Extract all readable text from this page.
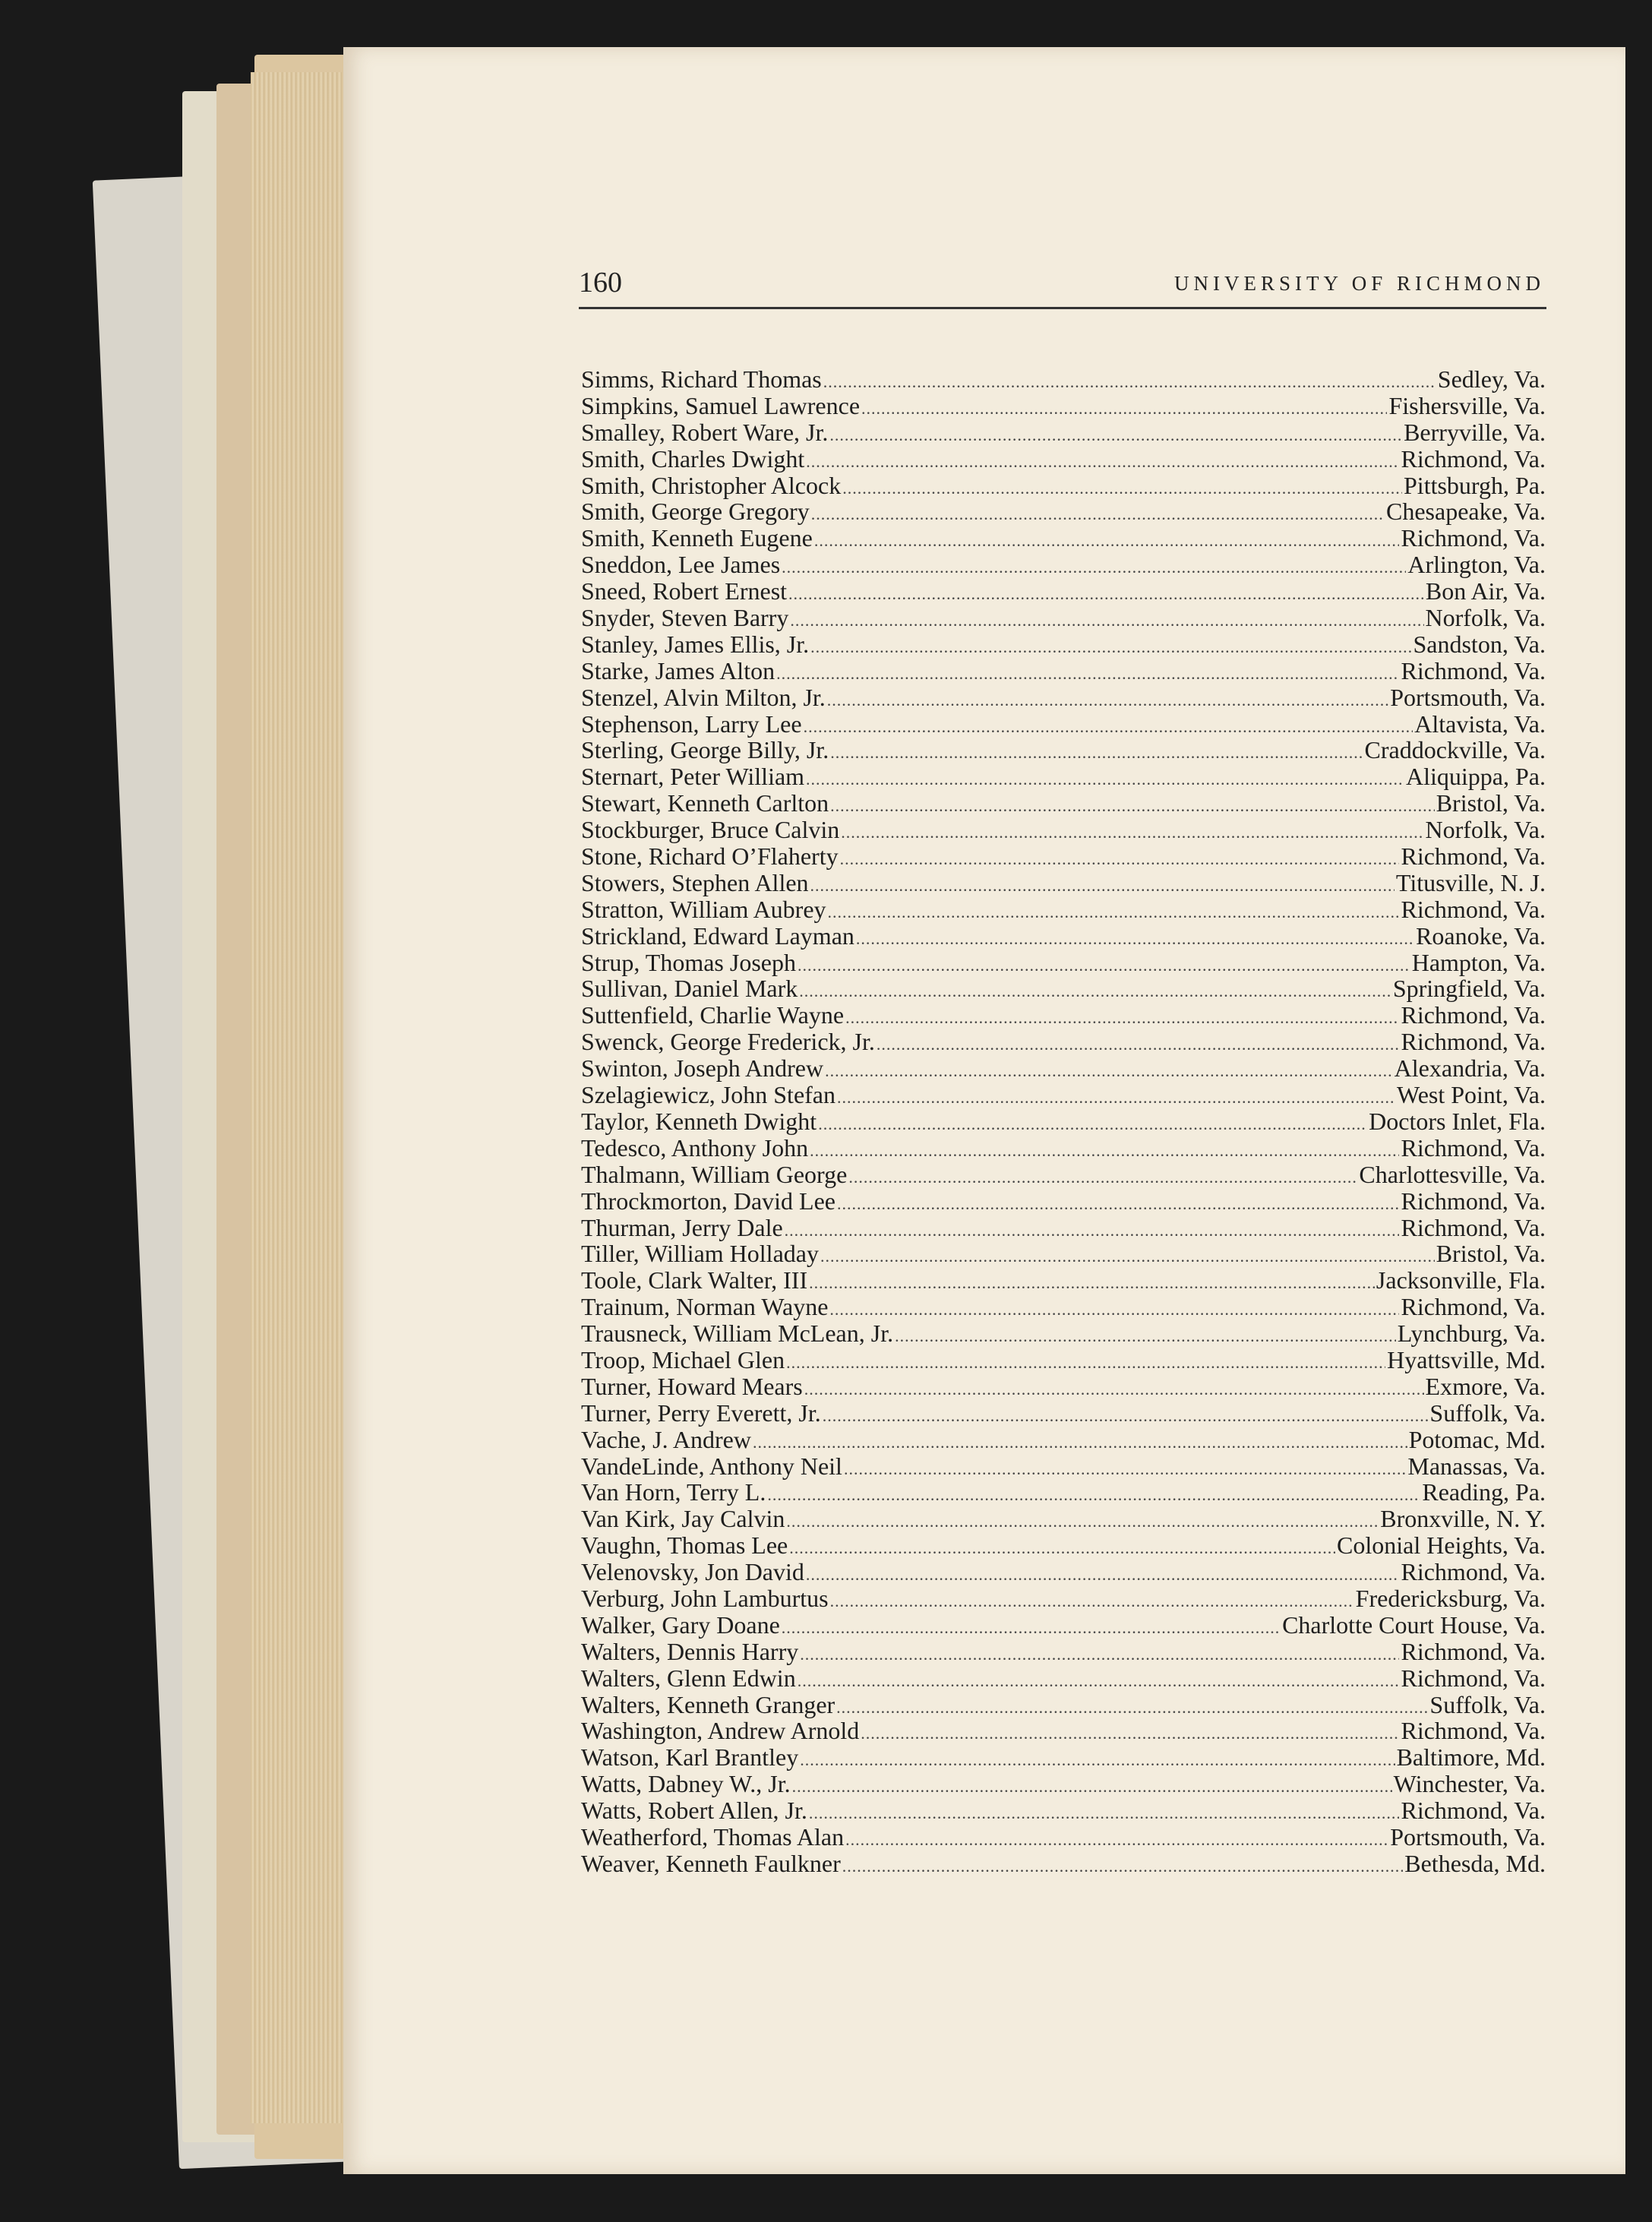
160	UNIVERSITY OF RICHMOND
Simms, Richard Thomas .....	Sedley, Va.
Simpkins, Samuel Lawrence .....	Fishersville, Va.
Smalley, Robert Ware, Jr. .....	Berryville, Va.
Smith, Charles Dwight .....	Richmond, Va.
Smith, Christopher Alcock .....	Pittsburgh, Pa.
Smith, George Gregory .....	Chesapeake, Va.
Smith, Kenneth Eugene .....	Richmond, Va.
Sneddon, Lee James .....	Arlington, Va.
Sneed, Robert Ernest .....	Bon Air, Va.
Snyder, Steven Barry .....	Norfolk, Va.
Stanley, James Ellis, Jr. .....	Sandston, Va.
Starke, James Alton .....	Richmond, Va.
Stenzel, Alvin Milton, Jr. .....	Portsmouth, Va.
Stephenson, Larry Lee .....	Altavista, Va.
Sterling, George Billy, Jr. .....	Craddockville, Va.
Sternart, Peter William .....	Aliquippa, Pa.
Stewart, Kenneth Carlton .....	Bristol, Va.
Stockburger, Bruce Calvin .....	Norfolk, Va.
Stone, Richard O’Flaherty .....	Richmond, Va.
Stowers, Stephen Allen .....	Titusville, N. J.
Stratton, William Aubrey .....	Richmond, Va.
Strickland, Edward Layman .....	Roanoke, Va.
Strup, Thomas Joseph .....	Hampton, Va.
Sullivan, Daniel Mark .....	Springfield, Va.
Suttenfield, Charlie Wayne .....	Richmond, Va.
Swenck, George Frederick, Jr. .....	Richmond, Va.
Swinton, Joseph Andrew .....	Alexandria, Va.
Szelagiewicz, John Stefan .....	West Point, Va.
Taylor, Kenneth Dwight .....	Doctors Inlet, Fla.
Tedesco, Anthony John .....	Richmond, Va.
Thalmann, William George .....	Charlottesville, Va.
Throckmorton, David Lee .....	Richmond, Va.
Thurman, Jerry Dale .....	Richmond, Va.
Tiller, William Holladay .....	Bristol, Va.
Toole, Clark Walter, III .....	Jacksonville, Fla.
Trainum, Norman Wayne .....	Richmond, Va.
Trausneck, William McLean, Jr. .....	Lynchburg, Va.
Troop, Michael Glen .....	Hyattsville, Md.
Turner, Howard Mears .....	Exmore, Va.
Turner, Perry Everett, Jr. .....	Suffolk, Va.
Vache, J. Andrew .....	Potomac, Md.
VandeLinde, Anthony Neil .....	Manassas, Va.
Van Horn, Terry L. .....	Reading, Pa.
Van Kirk, Jay Calvin .....	Bronxville, N. Y.
Vaughn, Thomas Lee .....	Colonial Heights, Va.
Velenovsky, Jon David .....	Richmond, Va.
Verburg, John Lamburtus .....	Fredericksburg, Va.
Walker, Gary Doane .....	Charlotte Court House, Va.
Walters, Dennis Harry .....	Richmond, Va.
Walters, Glenn Edwin .....	Richmond, Va.
Walters, Kenneth Granger .....	Suffolk, Va.
Washington, Andrew Arnold .....	Richmond, Va.
Watson, Karl Brantley .....	Baltimore, Md.
Watts, Dabney W., Jr. .....	Winchester, Va.
Watts, Robert Allen, Jr. .....	Richmond, Va.
Weatherford, Thomas Alan .....	Portsmouth, Va.
Weaver, Kenneth Faulkner .....	Bethesda, Md.
